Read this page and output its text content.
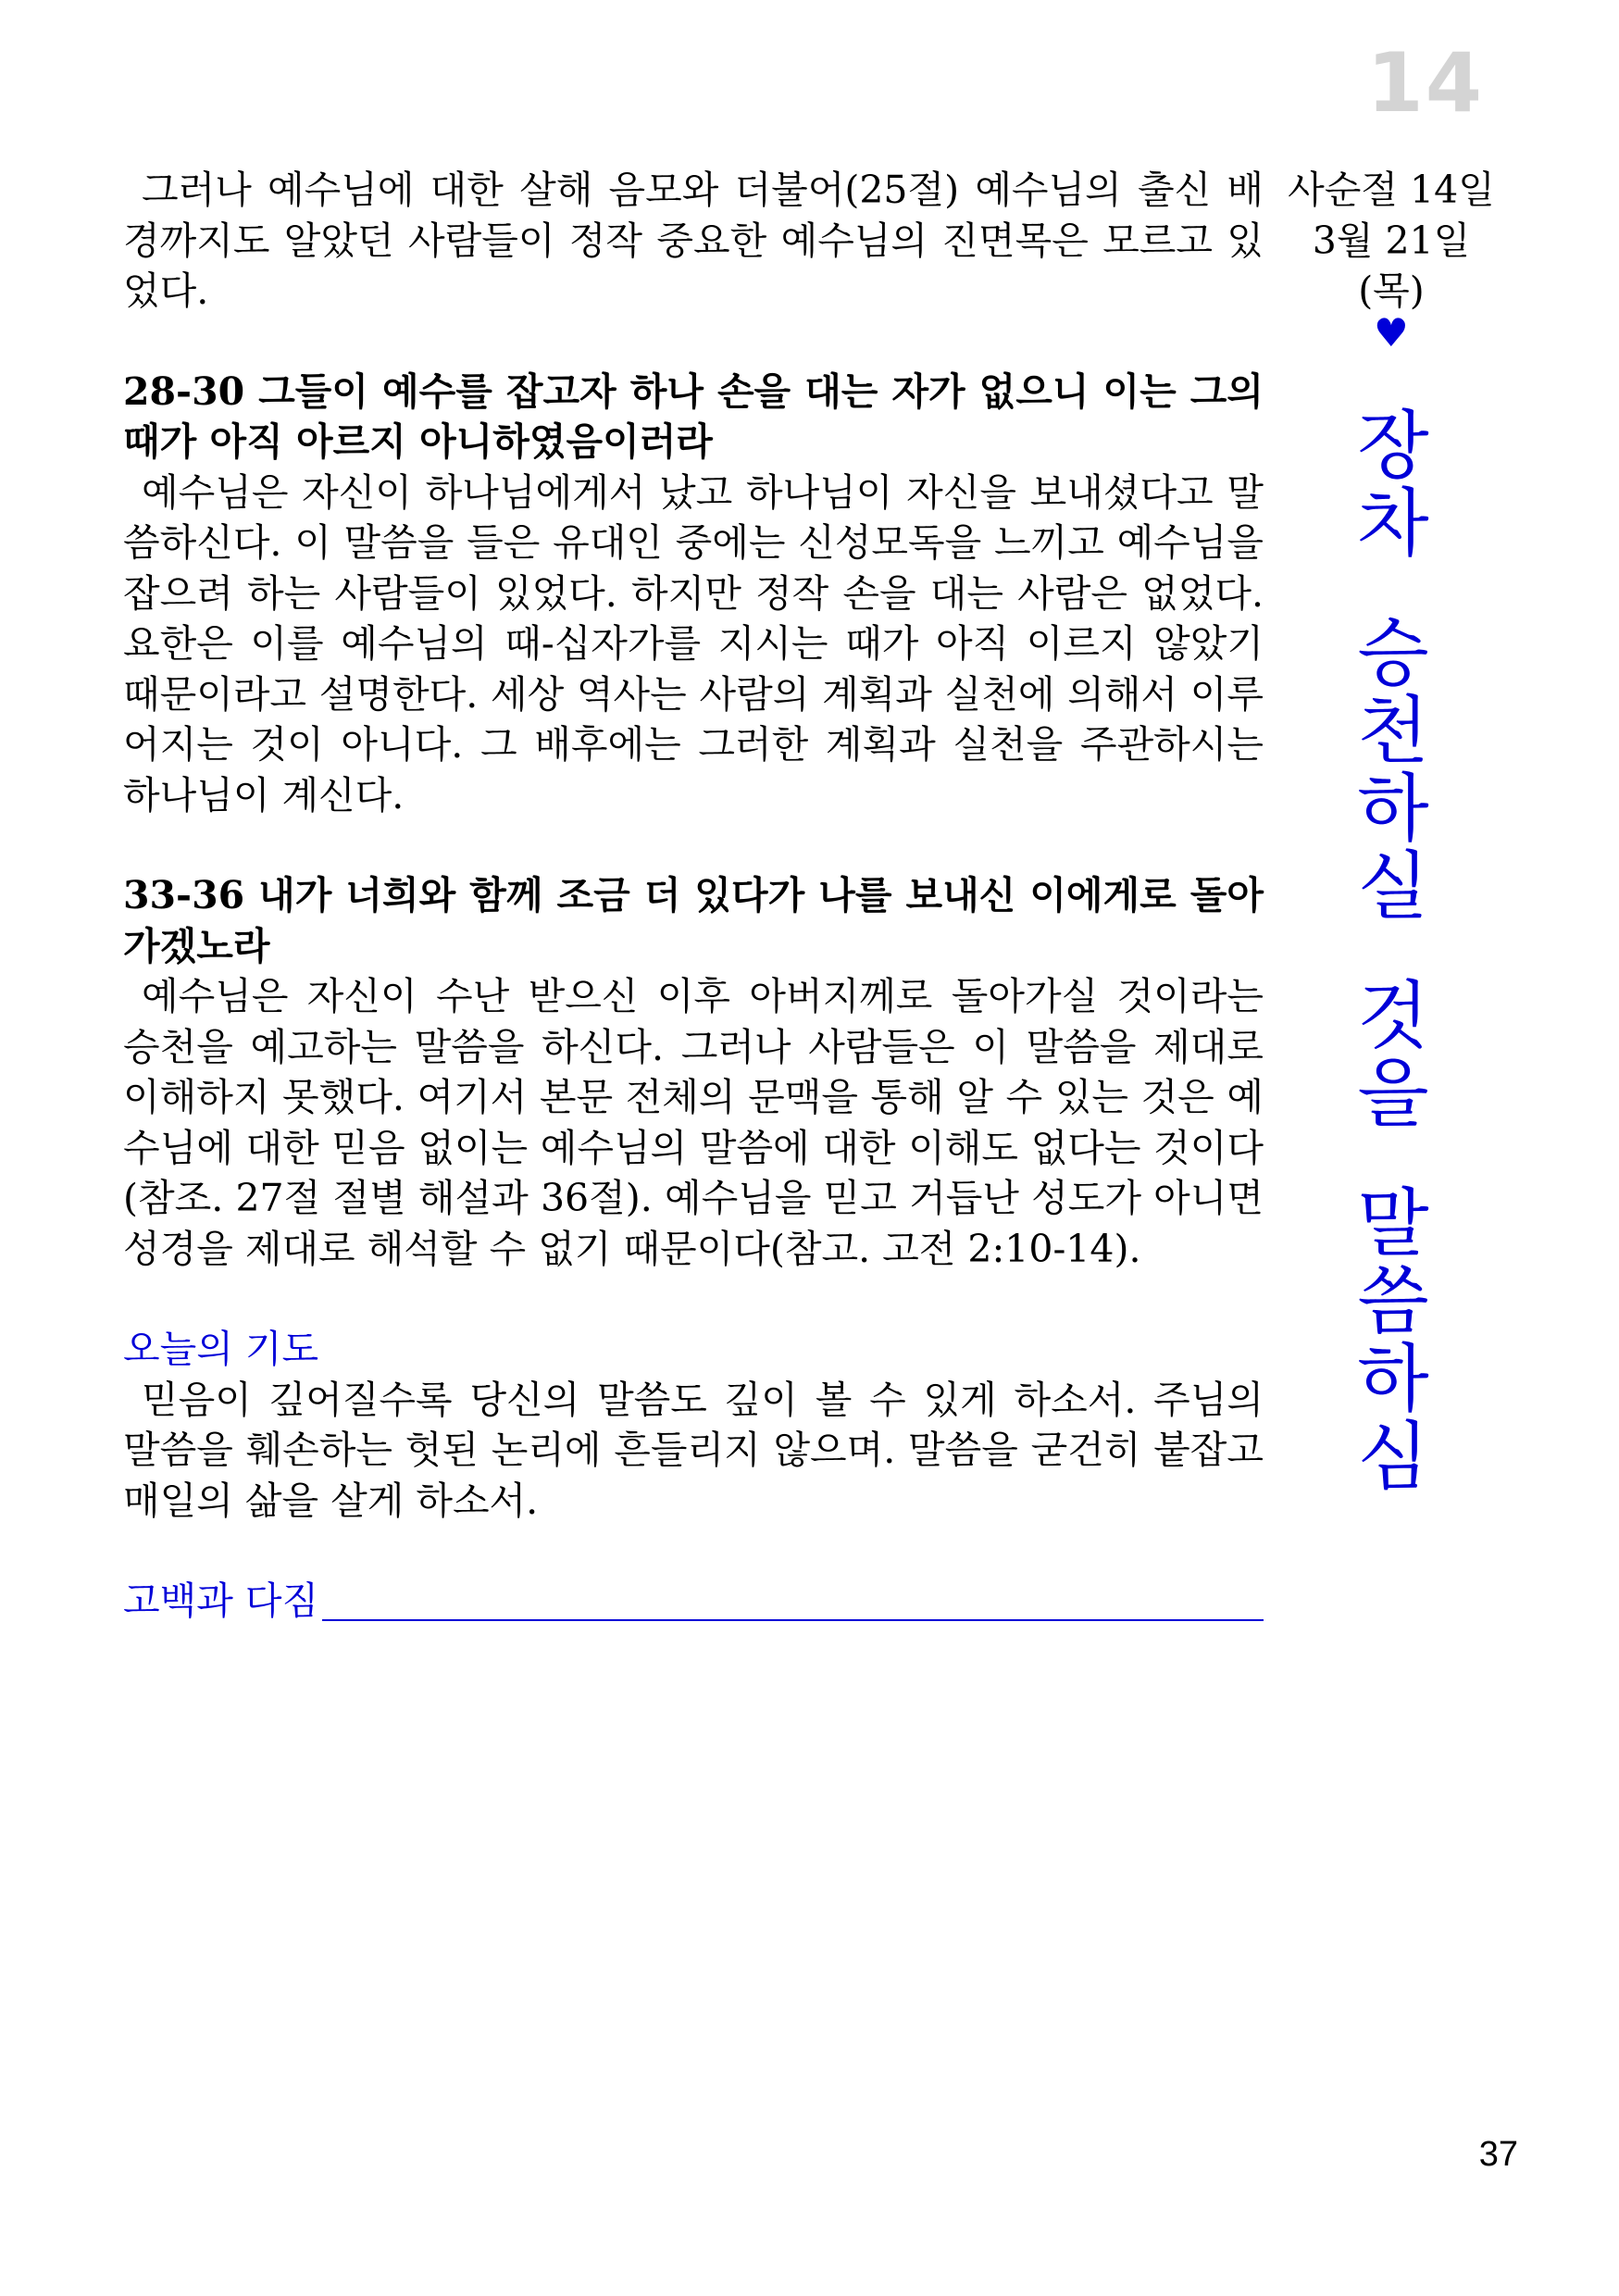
14
사순절 14일
3월 21일(목)
♥
장
차
승
천
하
실
것
을
말
씀
하
심

그러나 예수님에 대한 살해 음모와 더불어(25절) 예수님의 출신 배경까지도 알았던 사람들이 정작 중요한 예수님의 진면목은 모르고 있었다.

28-30 그들이 예수를 잡고자 하나 손을 대는 자가 없으니 이는 그의 때가 아직 아르지 아니하였음이러라

예수님은 자신이 하나님에게서 났고 하나님이 자신을 보내셨다고 말씀하신다. 이 말씀을 들은 유대인 중에는 신성모독을 느끼고 예수님을 잡으려 하는 사람들이 있었다. 하지만 정작 손을 대는 사람은 없었다. 요한은 이를 예수님의 때-십자가를 지시는 때가 아직 이르지 않았기 때문이라고 설명한다. 세상 역사는 사람의 계획과 실천에 의해서 이루어지는 것이 아니다. 그 배후에는 그러한 계획과 실천을 주관하시는 하나님이 계신다.

33-36 내가 너희와 함께 조금 더 있다가 나를 보내신 이에게로 돌아가겠노라

예수님은 자신이 수난 받으신 이후 아버지께로 돌아가실 것이라는 승천을 예고하는 말씀을 하신다. 그러나 사람들은 이 말씀을 제대로 이해하지 못했다. 여기서 본문 전체의 문맥을 통해 알 수 있는 것은 예수님에 대한 믿음 없이는 예수님의 말씀에 대한 이해도 없다는 것이다(참조. 27절 절별 해설과 36절). 예수님을 믿고 거듭난 성도가 아니면 성경을 제대로 해석할 수 없기 때문이다(참고. 고전 2:10-14).

오늘의 기도

믿음이 깊어질수록 당신의 말씀도 깊이 볼 수 있게 하소서. 주님의 말씀을 훼손하는 헛된 논리에 흔들리지 않으며. 말씀을 굳건히 붙잡고 매일의 삶을 살게 하소서.

고백과 다짐
37
